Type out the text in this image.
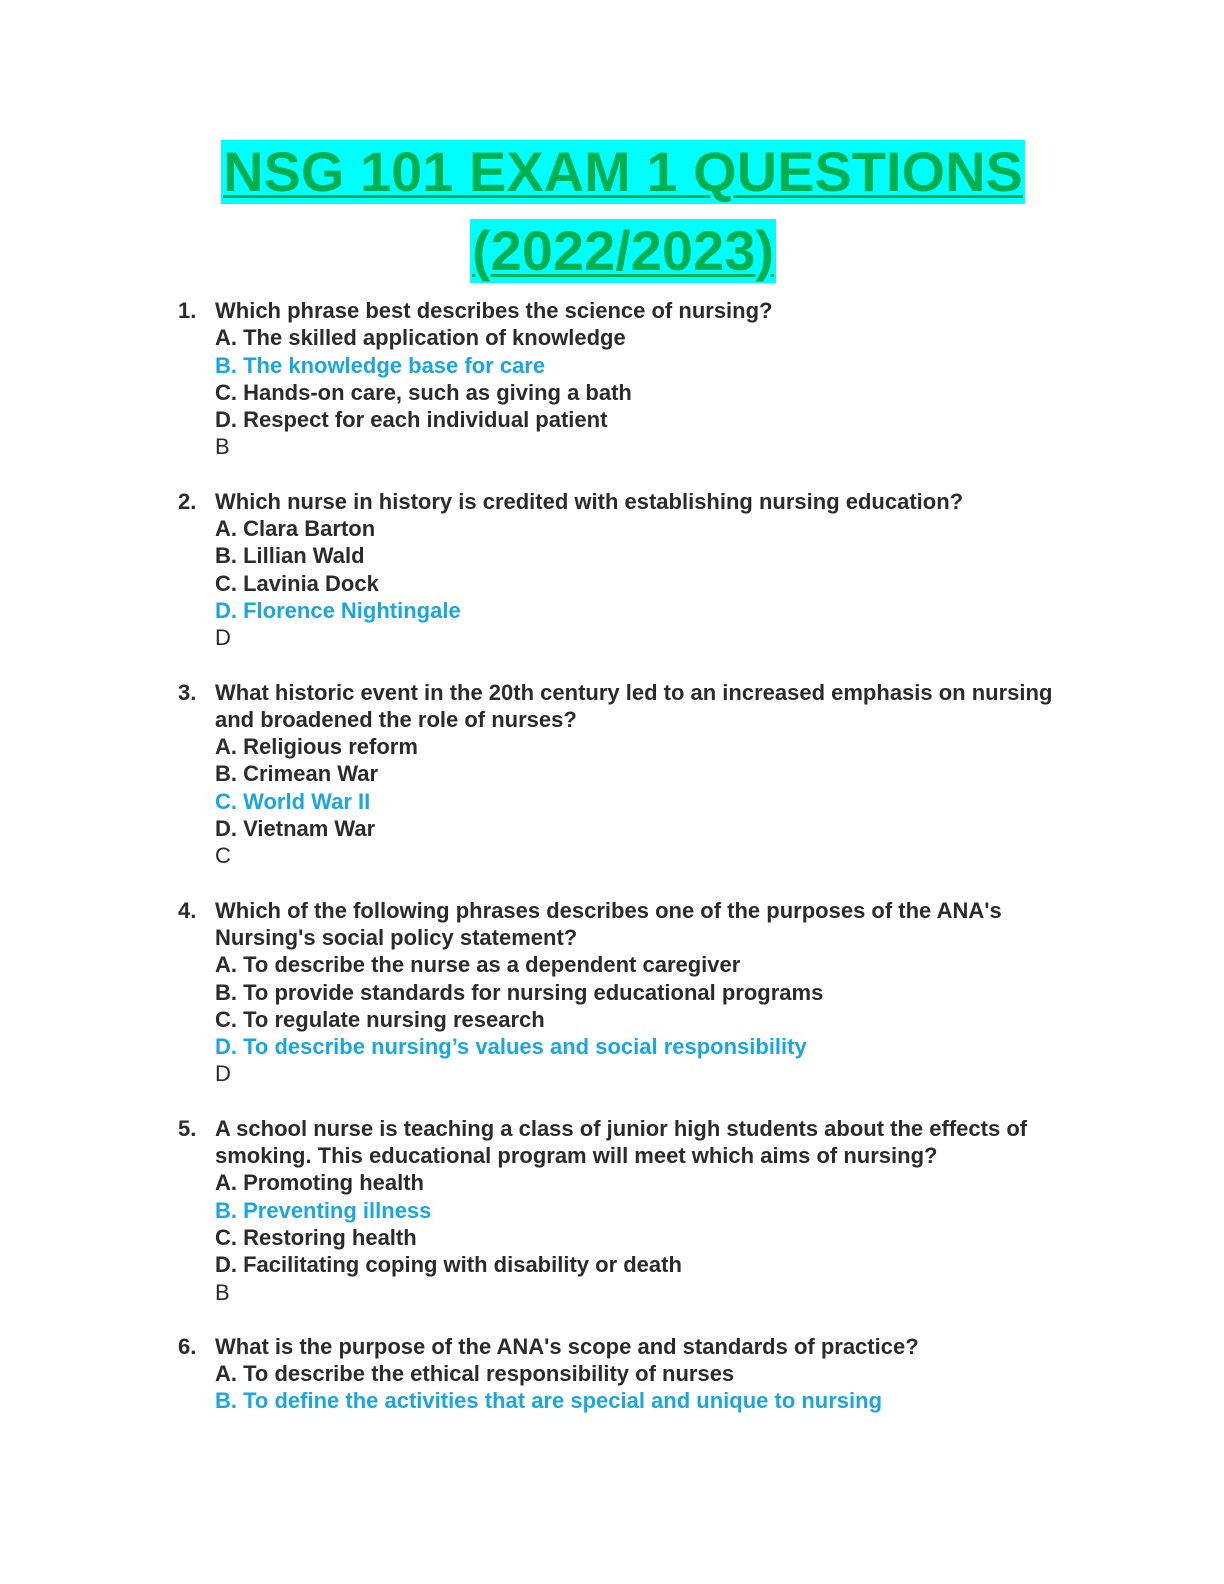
NSG 101 EXAM 1 QUESTIONS
(2022/2023)
1. Which phrase best describes the science of nursing?
A. The skilled application of knowledge
B. The knowledge base for care
C. Hands-on care, such as giving a bath
D. Respect for each individual patient
B
2. Which nurse in history is credited with establishing nursing education?
A. Clara Barton
B. Lillian Wald
C. Lavinia Dock
D. Florence Nightingale
D
3. What historic event in the 20th century led to an increased emphasis on nursing and broadened the role of nurses?
A. Religious reform
B. Crimean War
C. World War II
D. Vietnam War
C
4. Which of the following phrases describes one of the purposes of the ANA's Nursing's social policy statement?
A. To describe the nurse as a dependent caregiver
B. To provide standards for nursing educational programs
C. To regulate nursing research
D. To describe nursing’s values and social responsibility
D
5. A school nurse is teaching a class of junior high students about the effects of smoking. This educational program will meet which aims of nursing?
A. Promoting health
B. Preventing illness
C. Restoring health
D. Facilitating coping with disability or death
B
6. What is the purpose of the ANA's scope and standards of practice?
A. To describe the ethical responsibility of nurses
B. To define the activities that are special and unique to nursing
